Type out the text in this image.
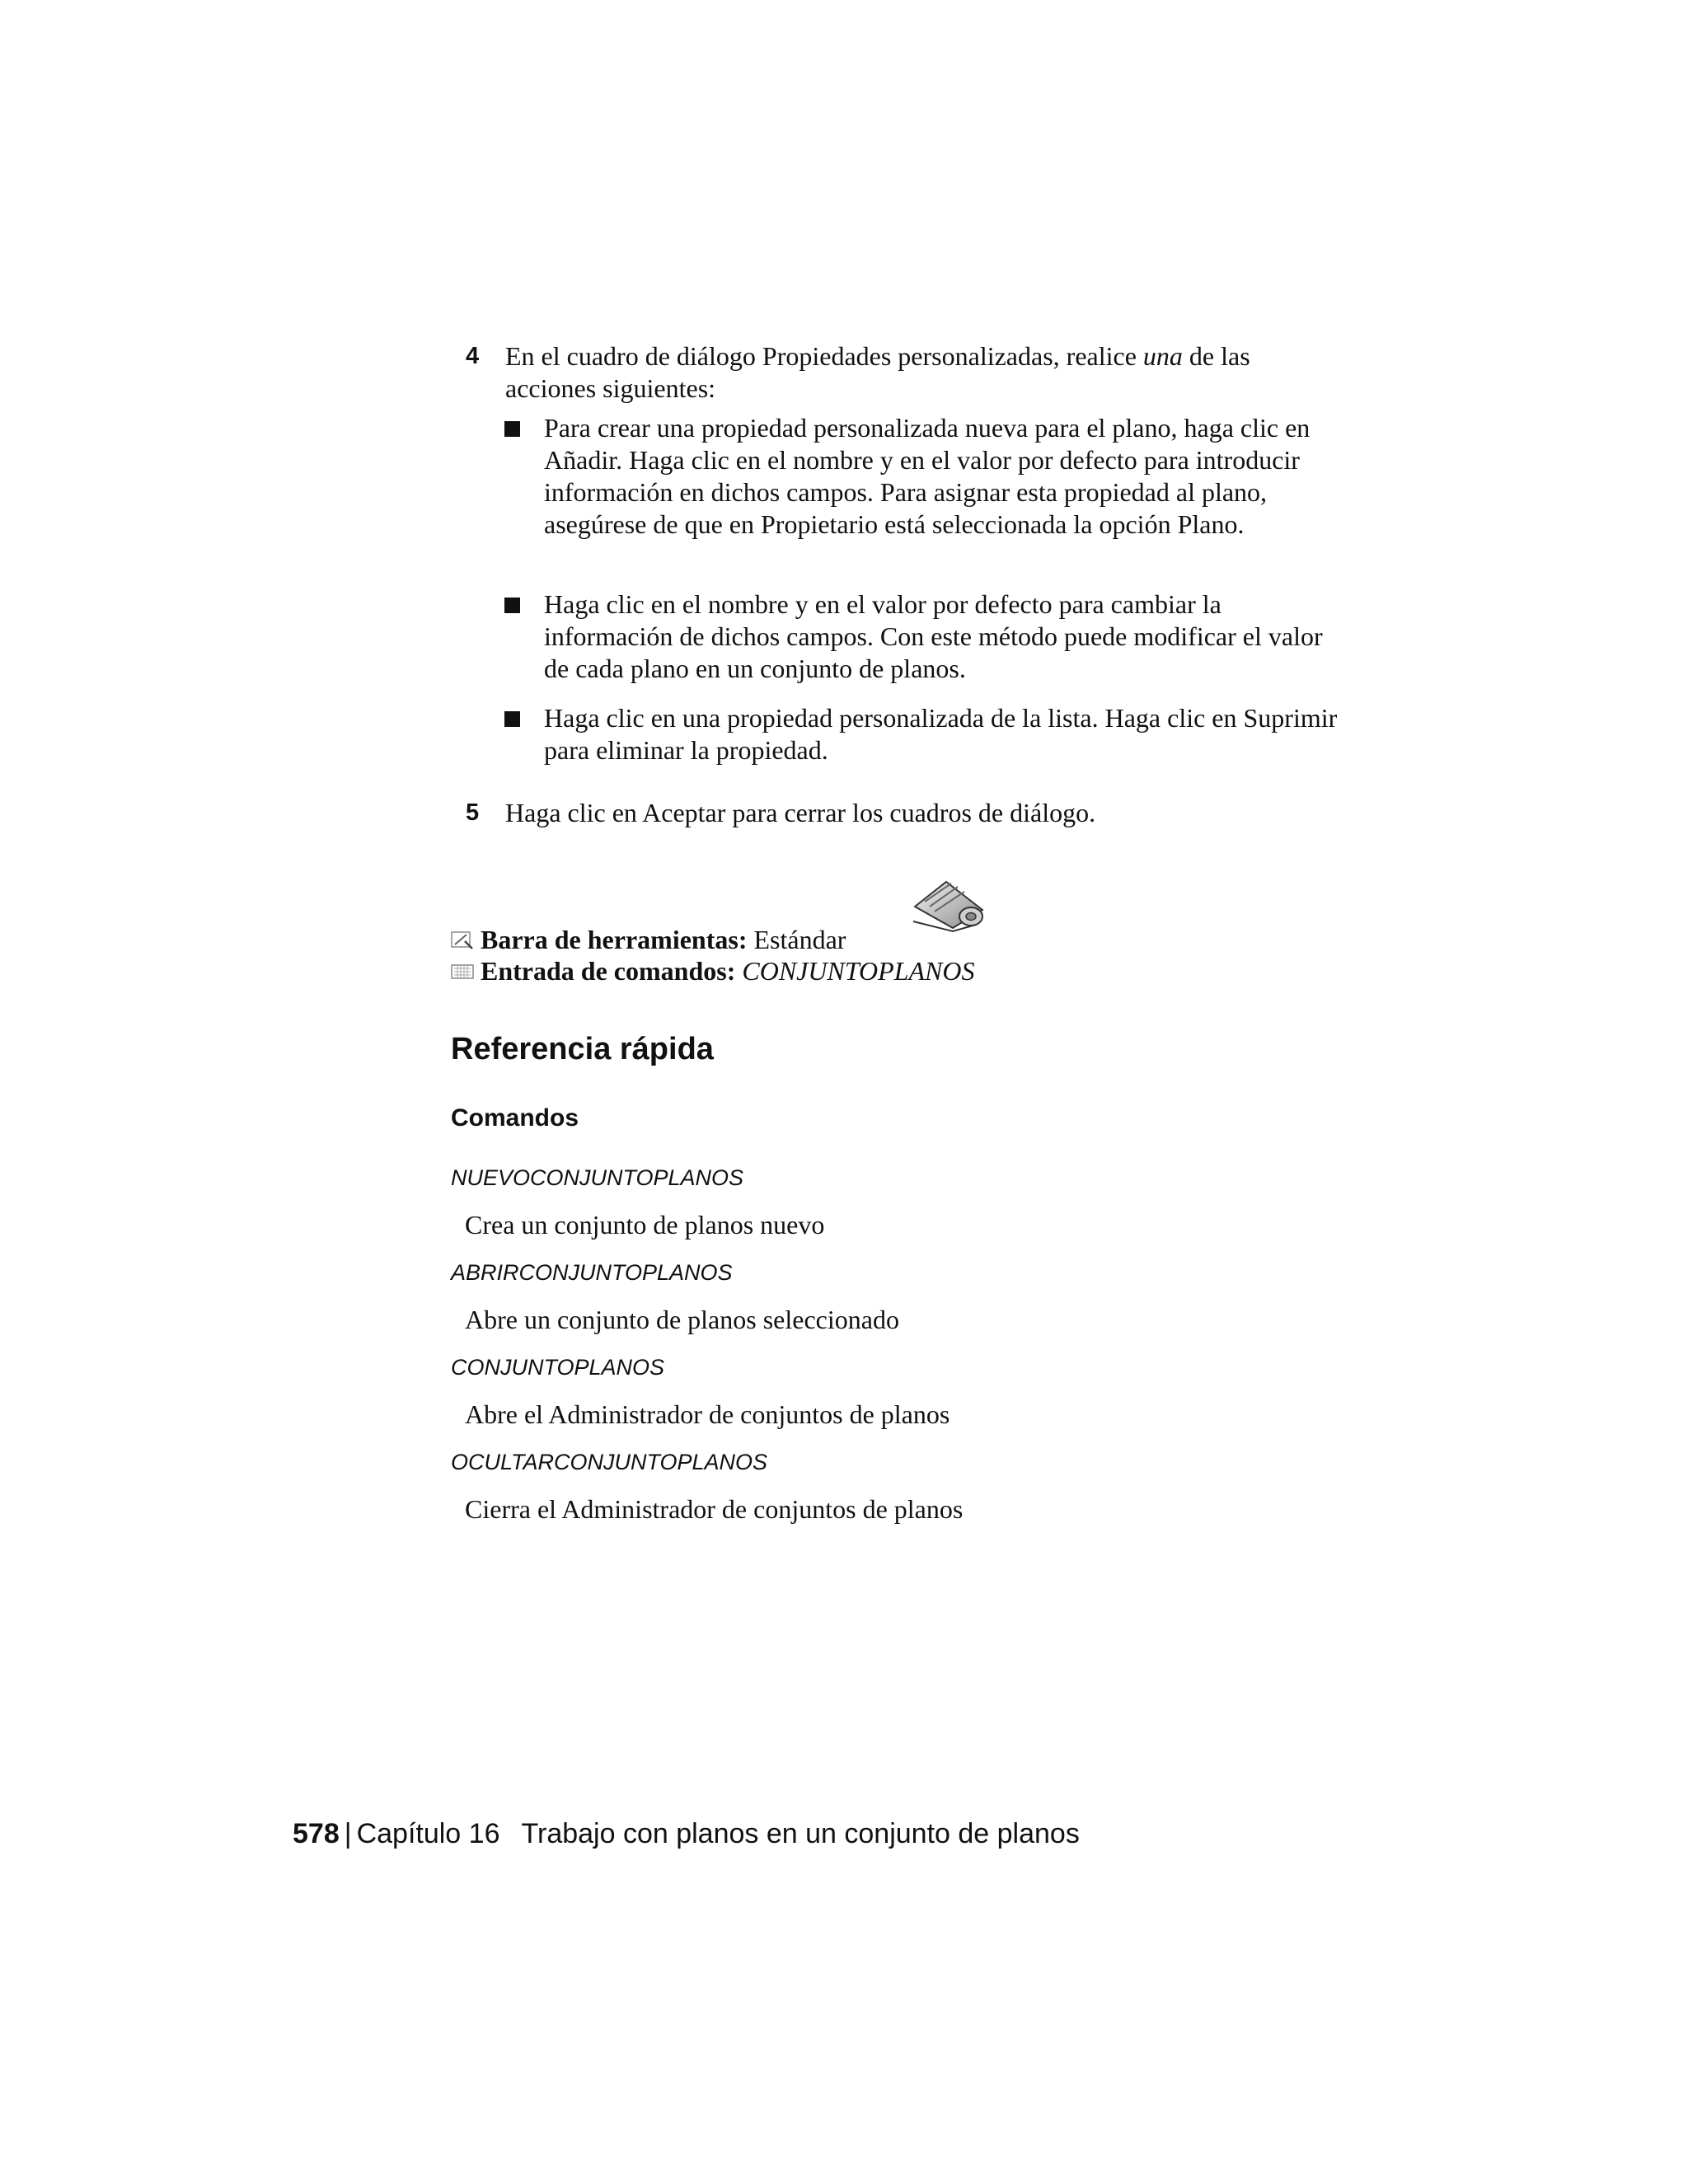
4 En el cuadro de diálogo Propiedades personalizadas, realice una de las acciones siguientes:
Para crear una propiedad personalizada nueva para el plano, haga clic en Añadir. Haga clic en el nombre y en el valor por defecto para introducir información en dichos campos. Para asignar esta propiedad al plano, asegúrese de que en Propietario está seleccionada la opción Plano.
Haga clic en el nombre y en el valor por defecto para cambiar la información de dichos campos. Con este método puede modificar el valor de cada plano en un conjunto de planos.
Haga clic en una propiedad personalizada de la lista. Haga clic en Suprimir para eliminar la propiedad.
5 Haga clic en Aceptar para cerrar los cuadros de diálogo.
Barra de herramientas: Estándar
Entrada de comandos: CONJUNTOPLANOS
Referencia rápida
Comandos
NUEVOCONJUNTOPLANOS
Crea un conjunto de planos nuevo
ABRIRCONJUNTOPLANOS
Abre un conjunto de planos seleccionado
CONJUNTOPLANOS
Abre el Administrador de conjuntos de planos
OCULTARCONJUNTOPLANOS
Cierra el Administrador de conjuntos de planos
578 | Capítulo 16 Trabajo con planos en un conjunto de planos
